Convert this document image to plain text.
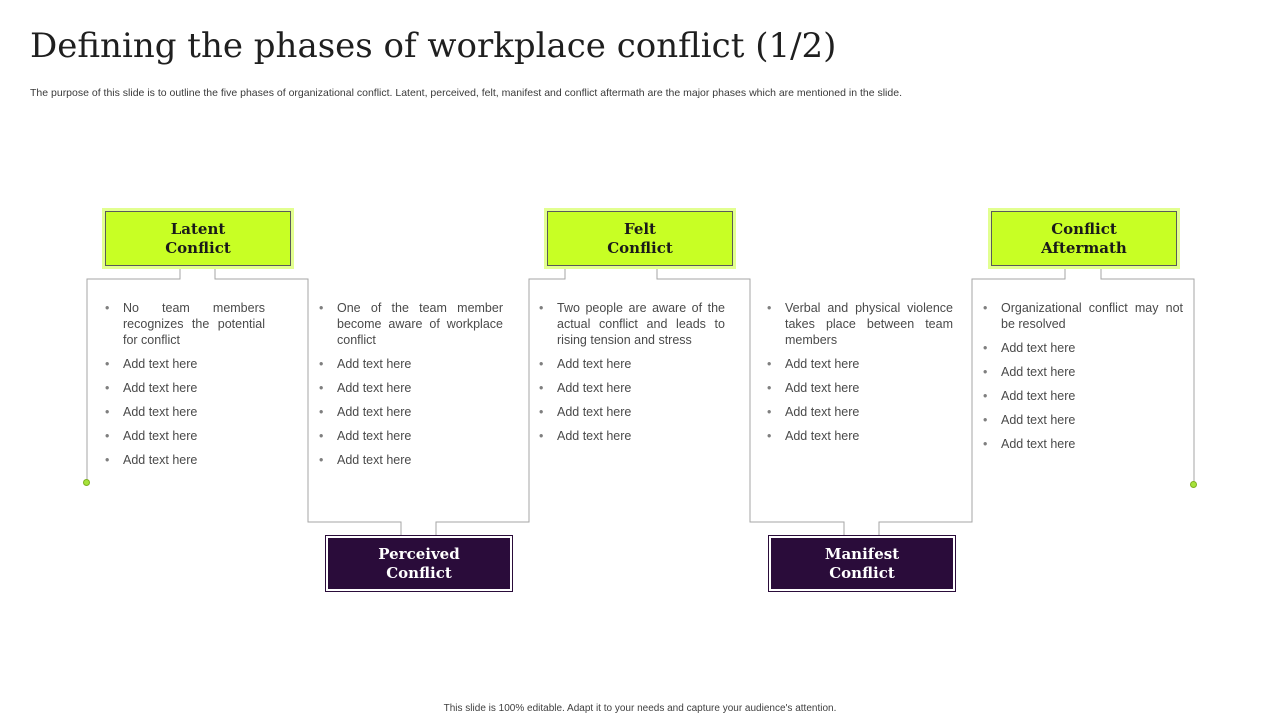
Defining the phases of workplace conflict (1/2)

The purpose of this slide is to outline the five phases of organizational conflict. Latent, perceived, felt, manifest and conflict aftermath are the major phases which are mentioned in the slide.

Latent
Conflict
Perceived
Conflict
Felt
Conflict
Manifest
Conflict
Conflict
Aftermath
• No team members recognizes the potential for conflict
• Add text here
• Add text here
• Add text here
• Add text here
• Add text here
• One of the team member become aware of workplace conflict
• Add text here
• Add text here
• Add text here
• Add text here
• Add text here
• Two people are aware of the actual conflict and leads to rising tension and stress
• Add text here
• Add text here
• Add text here
• Add text here
• Verbal and physical violence takes place between team members
• Add text here
• Add text here
• Add text here
• Add text here
• Organizational conflict may not be resolved
• Add text here
• Add text here
• Add text here
• Add text here
• Add text here
This slide is 100% editable. Adapt it to your needs and capture your audience's attention.
